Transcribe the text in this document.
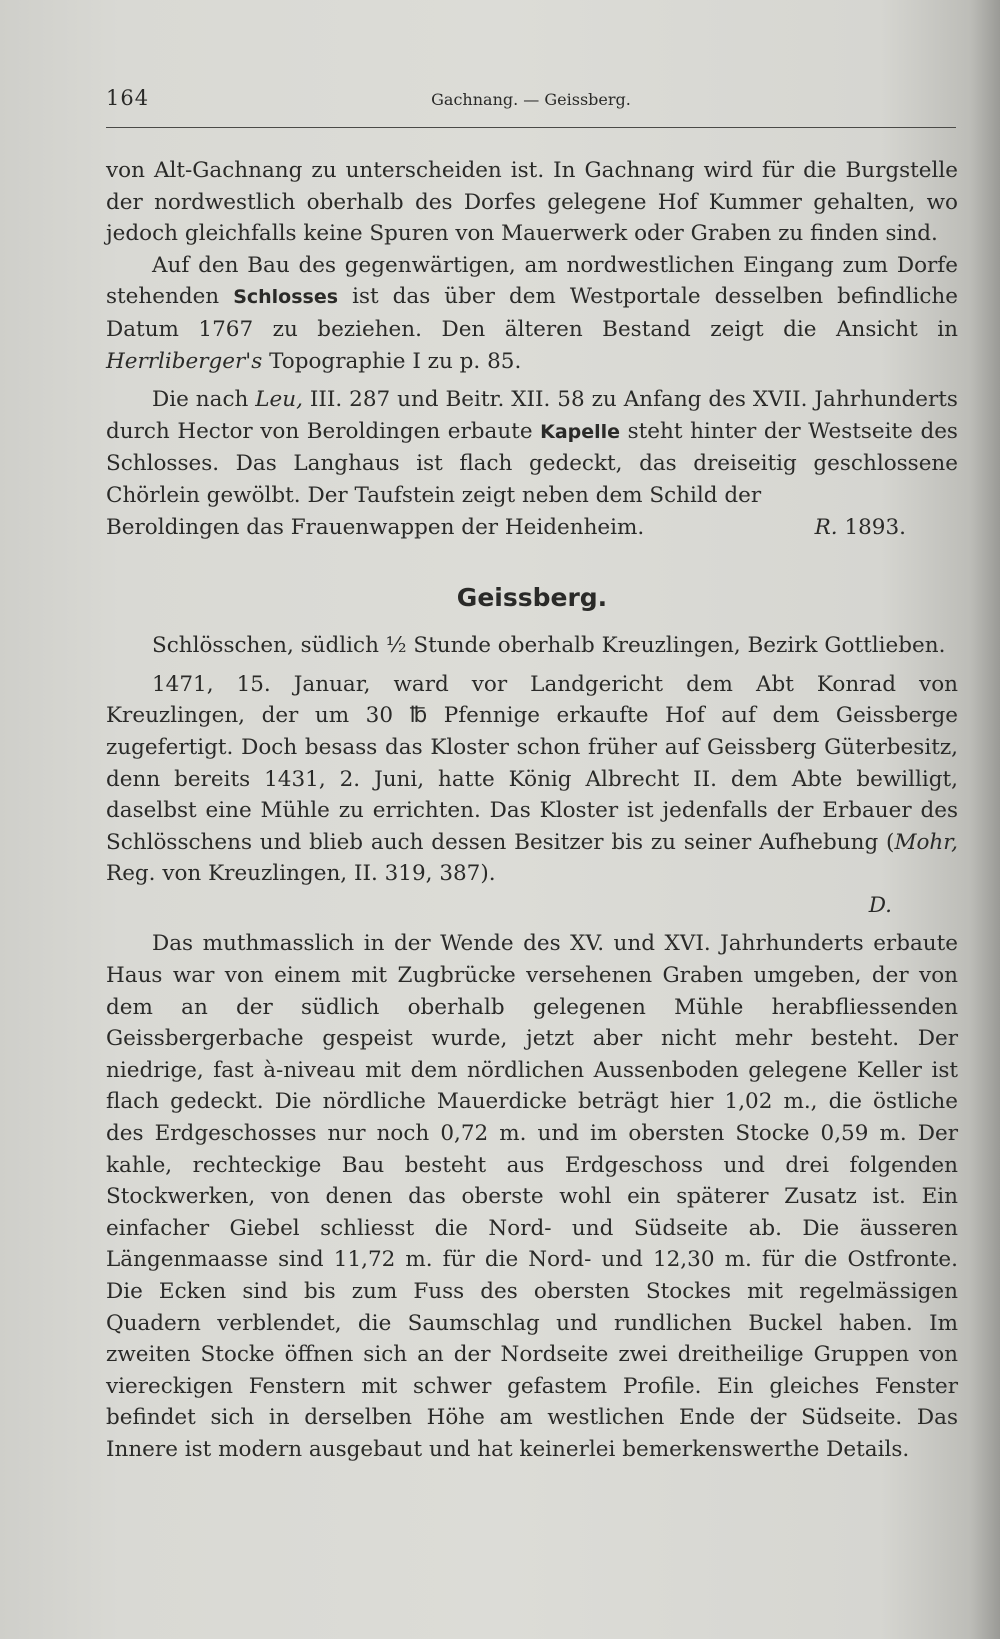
164	Gachnang. — Geissberg.

von Alt-Gachnang zu unterscheiden ist. In Gachnang wird für die Burgstelle der nordwestlich oberhalb des Dorfes gelegene Hof Kummer gehalten, wo jedoch gleichfalls keine Spuren von Mauerwerk oder Graben zu finden sind.

Auf den Bau des gegenwärtigen, am nordwestlichen Eingang zum Dorfe stehenden Schlosses ist das über dem Westportale desselben befindliche Datum 1767 zu beziehen. Den älteren Bestand zeigt die Ansicht in Herrliberger's Topographie I zu p. 85.

Die nach Leu, III. 287 und Beitr. XII. 58 zu Anfang des XVII. Jahrhunderts durch Hector von Beroldingen erbaute Kapelle steht hinter der Westseite des Schlosses. Das Langhaus ist flach gedeckt, das dreiseitig geschlossene Chörlein gewölbt. Der Taufstein zeigt neben dem Schild der

Beroldingen das Frauenwappen der Heidenheim.	R. 1893.
Geissberg.

Schlösschen, südlich ½ Stunde oberhalb Kreuzlingen, Bezirk Gottlieben.

1471, 15. Januar, ward vor Landgericht dem Abt Konrad von Kreuzlingen, der um 30 ℔ Pfennige erkaufte Hof auf dem Geissberge zugefertigt. Doch besass das Kloster schon früher auf Geissberg Güterbesitz, denn bereits 1431, 2. Juni, hatte König Albrecht II. dem Abte bewilligt, daselbst eine Mühle zu errichten. Das Kloster ist jedenfalls der Erbauer des Schlösschens und blieb auch dessen Besitzer bis zu seiner Aufhebung (Mohr, Reg. von Kreuzlingen, II. 319, 387).

D.

Das muthmasslich in der Wende des XV. und XVI. Jahrhunderts erbaute Haus war von einem mit Zugbrücke versehenen Graben umgeben, der von dem an der südlich oberhalb gelegenen Mühle herabfliessenden Geissbergerbache gespeist wurde, jetzt aber nicht mehr besteht. Der niedrige, fast à-niveau mit dem nördlichen Aussenboden gelegene Keller ist flach gedeckt. Die nördliche Mauerdicke beträgt hier 1,02 m., die östliche des Erdgeschosses nur noch 0,72 m. und im obersten Stocke 0,59 m. Der kahle, rechteckige Bau besteht aus Erdgeschoss und drei folgenden Stockwerken, von denen das oberste wohl ein späterer Zusatz ist. Ein einfacher Giebel schliesst die Nord- und Südseite ab. Die äusseren Längenmaasse sind 11,72 m. für die Nord- und 12,30 m. für die Ostfronte. Die Ecken sind bis zum Fuss des obersten Stockes mit regelmässigen Quadern verblendet, die Saumschlag und rundlichen Buckel haben. Im zweiten Stocke öffnen sich an der Nordseite zwei dreitheilige Gruppen von viereckigen Fenstern mit schwer gefastem Profile. Ein gleiches Fenster befindet sich in derselben Höhe am westlichen Ende der Südseite. Das Innere ist modern ausgebaut und hat keinerlei bemerkenswerthe Details.
